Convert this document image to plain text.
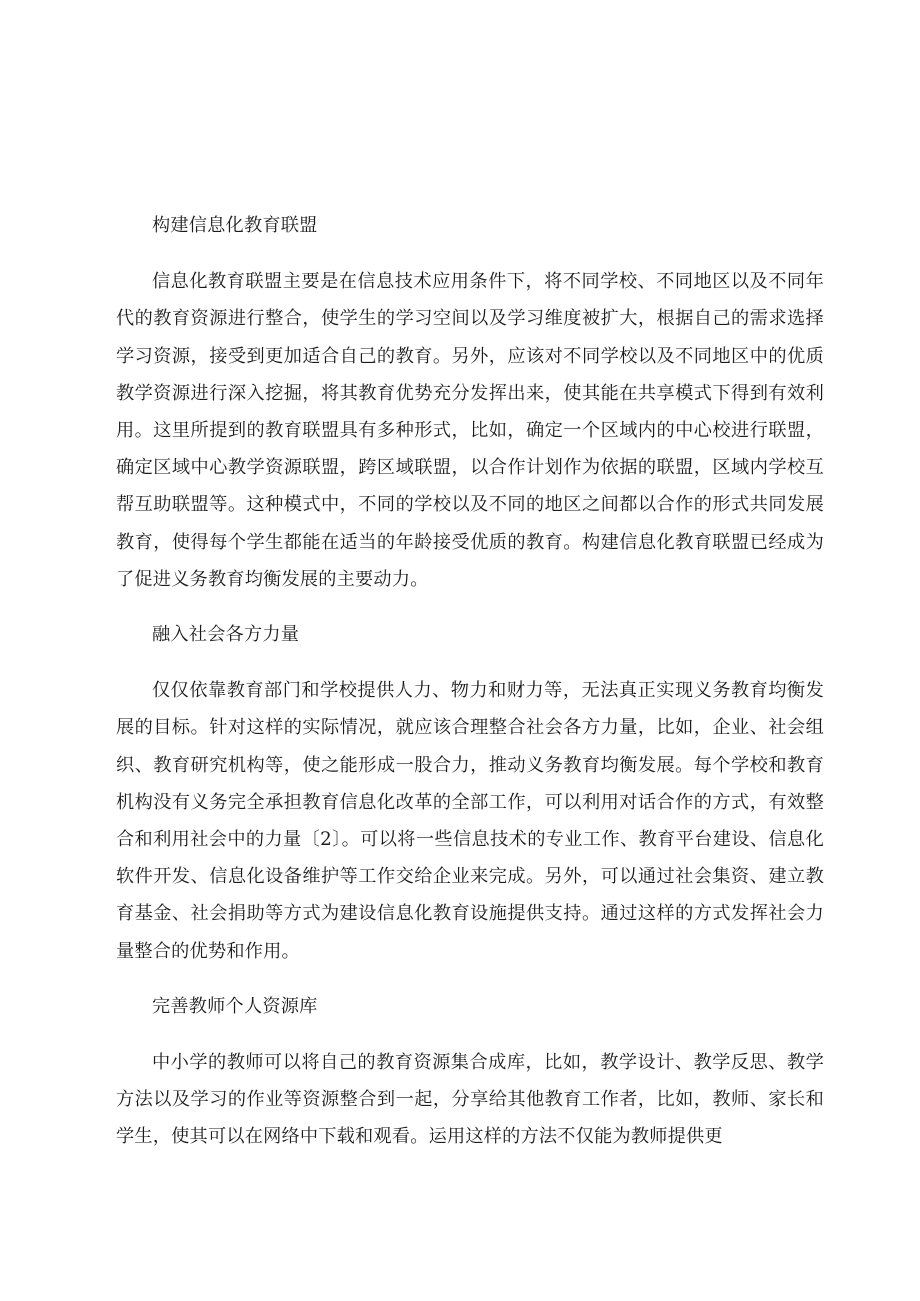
构建信息化教育联盟

信息化教育联盟主要是在信息技术应用条件下，将不同学校、不同地区以及不同年代的教育资源进行整合，使学生的学习空间以及学习维度被扩大，根据自己的需求选择学习资源，接受到更加适合自己的教育。另外，应该对不同学校以及不同地区中的优质教学资源进行深入挖掘，将其教育优势充分发挥出来，使其能在共享模式下得到有效利用。这里所提到的教育联盟具有多种形式，比如，确定一个区域内的中心校进行联盟，确定区域中心教学资源联盟，跨区域联盟，以合作计划作为依据的联盟，区域内学校互帮互助联盟等。这种模式中，不同的学校以及不同的地区之间都以合作的形式共同发展教育，使得每个学生都能在适当的年龄接受优质的教育。构建信息化教育联盟已经成为了促进义务教育均衡发展的主要动力。

融入社会各方力量

仅仅依靠教育部门和学校提供人力、物力和财力等，无法真正实现义务教育均衡发展的目标。针对这样的实际情况，就应该合理整合社会各方力量，比如，企业、社会组织、教育研究机构等，使之能形成一股合力，推动义务教育均衡发展。每个学校和教育机构没有义务完全承担教育信息化改革的全部工作，可以利用对话合作的方式，有效整合和利用社会中的力量〔2〕。可以将一些信息技术的专业工作、教育平台建设、信息化软件开发、信息化设备维护等工作交给企业来完成。另外，可以通过社会集资、建立教育基金、社会捐助等方式为建设信息化教育设施提供支持。通过这样的方式发挥社会力量整合的优势和作用。

完善教师个人资源库

中小学的教师可以将自己的教育资源集合成库，比如，教学设计、教学反思、教学方法以及学习的作业等资源整合到一起，分享给其他教育工作者，比如，教师、家长和学生，使其可以在网络中下载和观看。运用这样的方法不仅能为教师提供更
